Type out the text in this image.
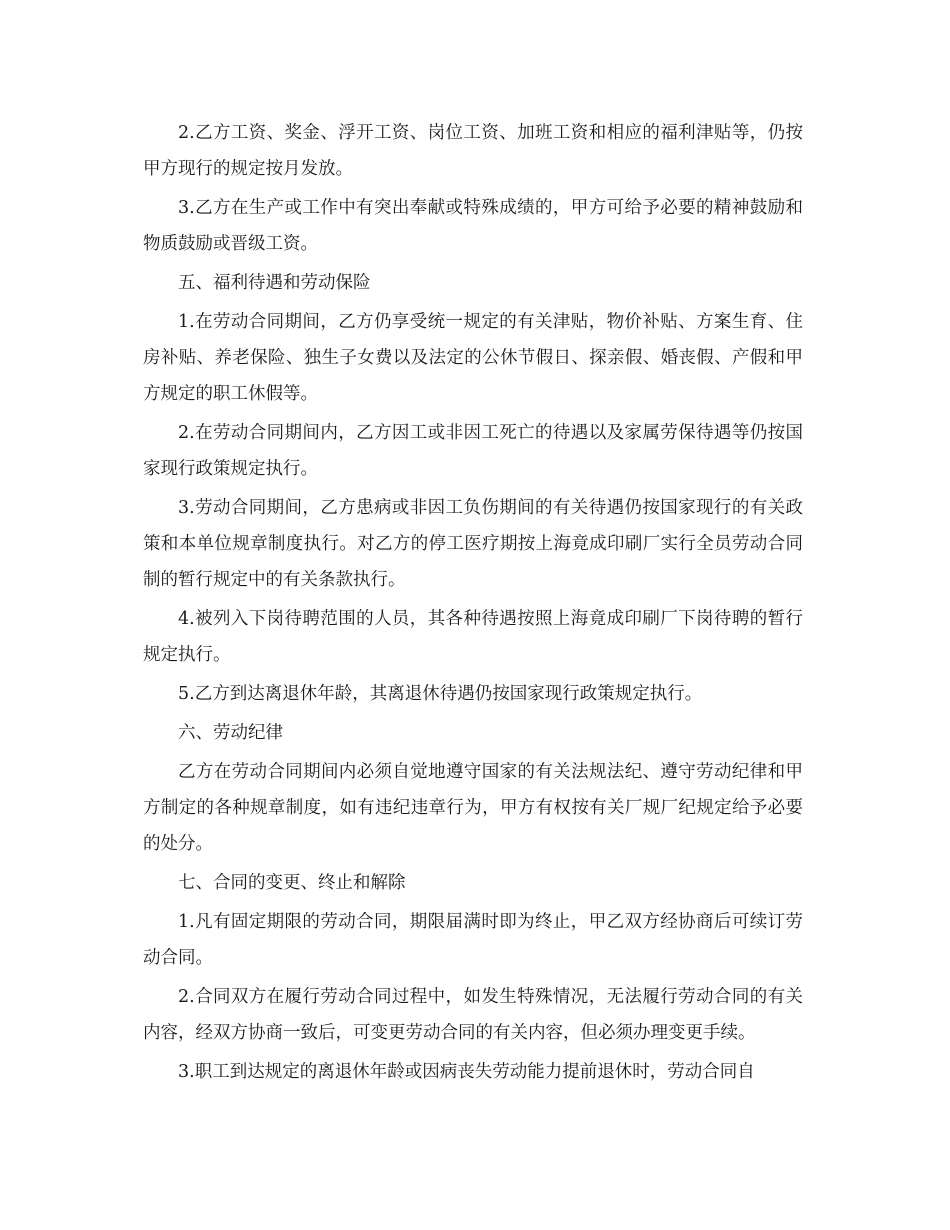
2.乙方工资、奖金、浮开工资、岗位工资、加班工资和相应的福利津贴等，仍按甲方现行的规定按月发放。

3.乙方在生产或工作中有突出奉献或特殊成绩的，甲方可给予必要的精神鼓励和物质鼓励或晋级工资。

五、福利待遇和劳动保险

1.在劳动合同期间，乙方仍享受统一规定的有关津贴，物价补贴、方案生育、住房补贴、养老保险、独生子女费以及法定的公休节假日、探亲假、婚丧假、产假和甲方规定的职工休假等。

2.在劳动合同期间内，乙方因工或非因工死亡的待遇以及家属劳保待遇等仍按国家现行政策规定执行。

3.劳动合同期间，乙方患病或非因工负伤期间的有关待遇仍按国家现行的有关政策和本单位规章制度执行。对乙方的停工医疗期按上海竟成印刷厂实行全员劳动合同制的暂行规定中的有关条款执行。

4.被列入下岗待聘范围的人员，其各种待遇按照上海竟成印刷厂下岗待聘的暂行规定执行。

5.乙方到达离退休年龄，其离退休待遇仍按国家现行政策规定执行。

六、劳动纪律

乙方在劳动合同期间内必须自觉地遵守国家的有关法规法纪、遵守劳动纪律和甲方制定的各种规章制度，如有违纪违章行为，甲方有权按有关厂规厂纪规定给予必要的处分。

七、合同的变更、终止和解除

1.凡有固定期限的劳动合同，期限届满时即为终止，甲乙双方经协商后可续订劳动合同。

2.合同双方在履行劳动合同过程中，如发生特殊情况，无法履行劳动合同的有关内容，经双方协商一致后，可变更劳动合同的有关内容，但必须办理变更手续。

3.职工到达规定的离退休年龄或因病丧失劳动能力提前退休时，劳动合同自
